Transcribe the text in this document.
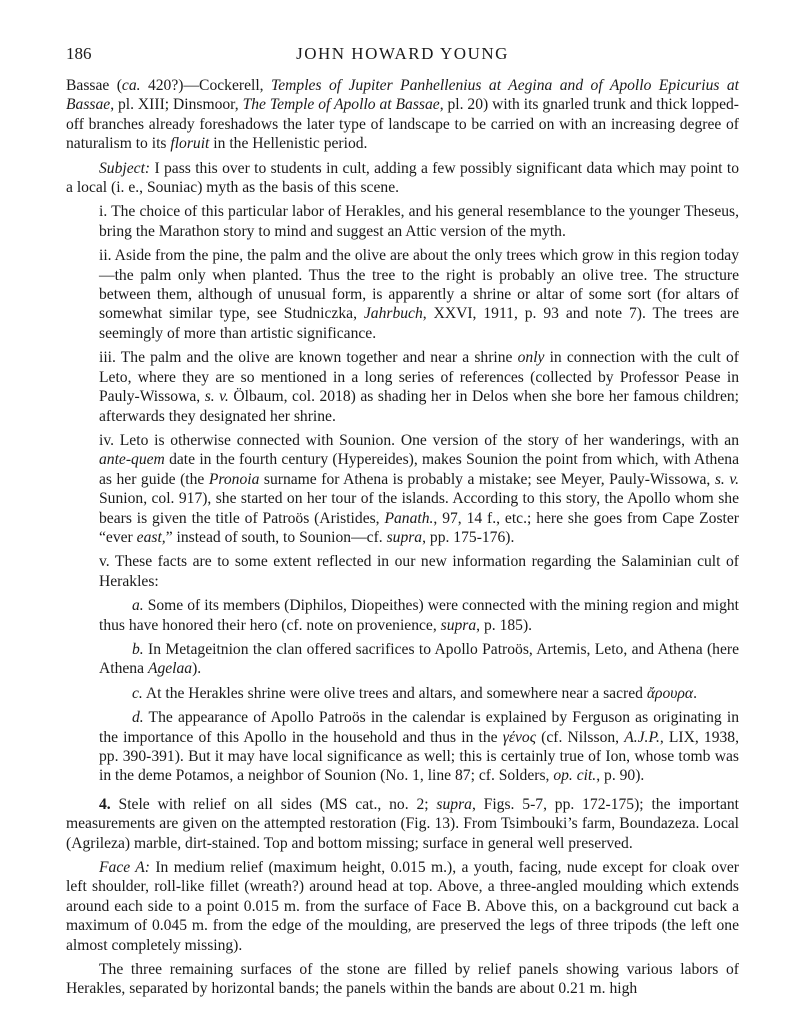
186	JOHN HOWARD YOUNG

Bassae (ca. 420?)—Cockerell, Temples of Jupiter Panhellenius at Aegina and of Apollo Epicurius at Bassae, pl. XIII; Dinsmoor, The Temple of Apollo at Bassae, pl. 20) with its gnarled trunk and thick lopped-off branches already foreshadows the later type of landscape to be carried on with an increasing degree of naturalism to its floruit in the Hellenistic period.

Subject: I pass this over to students in cult, adding a few possibly significant data which may point to a local (i. e., Souniac) myth as the basis of this scene.

i. The choice of this particular labor of Herakles, and his general resemblance to the younger Theseus, bring the Marathon story to mind and suggest an Attic version of the myth.

ii. Aside from the pine, the palm and the olive are about the only trees which grow in this region today—the palm only when planted. Thus the tree to the right is probably an olive tree. The structure between them, although of unusual form, is apparently a shrine or altar of some sort (for altars of somewhat similar type, see Studniczka, Jahrbuch, XXVI, 1911, p. 93 and note 7). The trees are seemingly of more than artistic significance.

iii. The palm and the olive are known together and near a shrine only in connection with the cult of Leto, where they are so mentioned in a long series of references (collected by Professor Pease in Pauly-Wissowa, s. v. Ölbaum, col. 2018) as shading her in Delos when she bore her famous children; afterwards they designated her shrine.

iv. Leto is otherwise connected with Sounion. One version of the story of her wanderings, with an ante-quem date in the fourth century (Hypereides), makes Sounion the point from which, with Athena as her guide (the Pronoia surname for Athena is probably a mistake; see Meyer, Pauly-Wissowa, s. v. Sunion, col. 917), she started on her tour of the islands. According to this story, the Apollo whom she bears is given the title of Patroös (Aristides, Panath., 97, 14 f., etc.; here she goes from Cape Zoster “ever east,” instead of south, to Sounion—cf. supra, pp. 175-176).

v. These facts are to some extent reflected in our new information regarding the Salaminian cult of Herakles:

a. Some of its members (Diphilos, Diopeithes) were connected with the mining region and might thus have honored their hero (cf. note on provenience, supra, p. 185).

b. In Metageitnion the clan offered sacrifices to Apollo Patroös, Artemis, Leto, and Athena (here Athena Agelaa).

c. At the Herakles shrine were olive trees and altars, and somewhere near a sacred ἄρουρα.

d. The appearance of Apollo Patroös in the calendar is explained by Ferguson as originating in the importance of this Apollo in the household and thus in the γένος (cf. Nilsson, A.J.P., LIX, 1938, pp. 390-391). But it may have local significance as well; this is certainly true of Ion, whose tomb was in the deme Potamos, a neighbor of Sounion (No. 1, line 87; cf. Solders, op. cit., p. 90).

4. Stele with relief on all sides (MS cat., no. 2; supra, Figs. 5-7, pp. 172-175); the important measurements are given on the attempted restoration (Fig. 13). From Tsimbouki’s farm, Boundazeza. Local (Agrileza) marble, dirt-stained. Top and bottom missing; surface in general well preserved.

Face A: In medium relief (maximum height, 0.015 m.), a youth, facing, nude except for cloak over left shoulder, roll-like fillet (wreath?) around head at top. Above, a three-angled moulding which extends around each side to a point 0.015 m. from the surface of Face B. Above this, on a background cut back a maximum of 0.045 m. from the edge of the moulding, are preserved the legs of three tripods (the left one almost completely missing).

The three remaining surfaces of the stone are filled by relief panels showing various labors of Herakles, separated by horizontal bands; the panels within the bands are about 0.21 m. high
